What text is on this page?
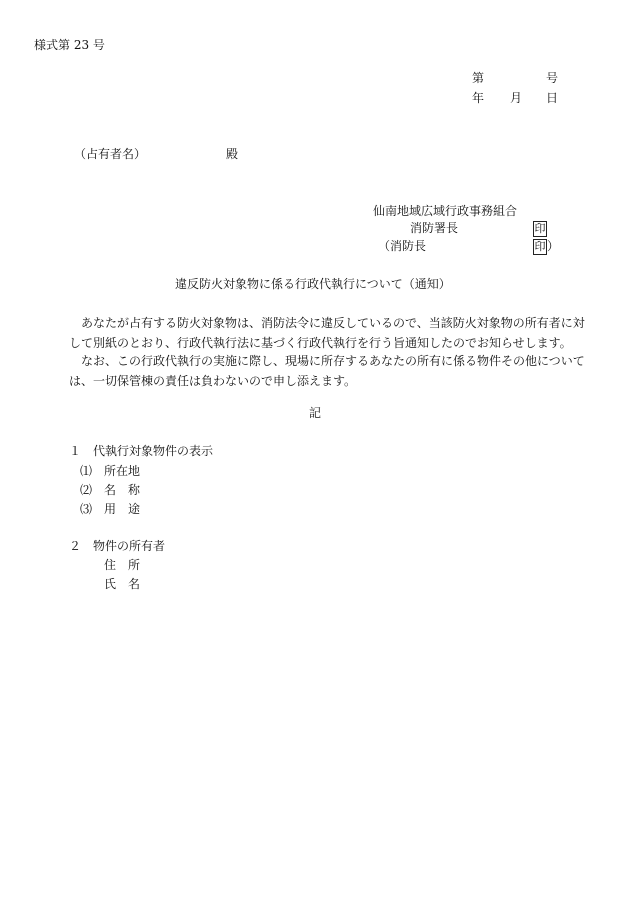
様式第 23 号
第	号
年 月 日
（占有者名）	殿
仙南地域広域行政事務組合
消防署長	印
（消防長	印 ）
違反防火対象物に係る行政代執行について（通知）
あなたが占有する防火対象物は、消防法令に違反しているので、当該防火対象物の所有者に対して別紙のとおり、行政代執行法に基づく行政代執行を行う旨通知したのでお知らせします。
なお、この行政代執行の実施に際し、現場に所存するあなたの所有に係る物件その他については、一切保管棟の責任は負わないので申し添えます。
記
１　代執行対象物件の表示
⑴　所在地
⑵　名　称
⑶　用　途
２　物件の所有者
住　所
氏　名
